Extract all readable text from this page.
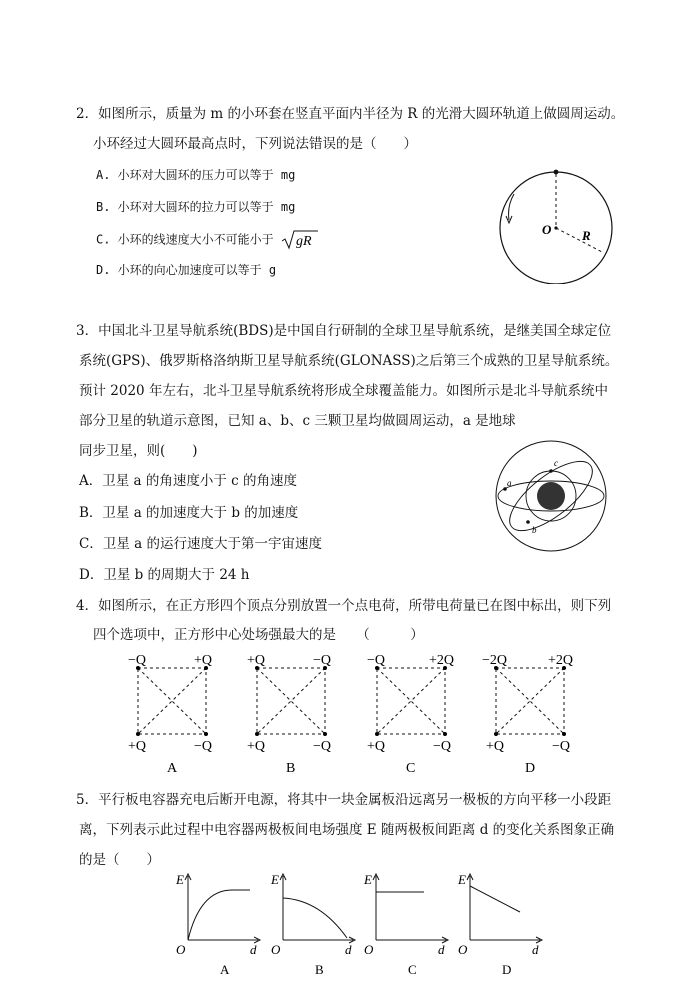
2．如图所示，质量为 m 的小环套在竖直平面内半径为 R 的光滑大圆环轨道上做圆周运动。
小环经过大圆环最高点时，下列说法错误的是（　　）
A. 小环对大圆环的压力可以等于 mg
B. 小环对大圆环的拉力可以等于 mg
C. 小环的线速度大小不可能小于 gR
D. 小环的向心加速度可以等于 g
O R
3．中国北斗卫星导航系统(BDS)是中国自行研制的全球卫星导航系统，是继美国全球定位
系统(GPS)、俄罗斯格洛纳斯卫星导航系统(GLONASS)之后第三个成熟的卫星导航系统。
预计 2020 年左右，北斗卫星导航系统将形成全球覆盖能力。如图所示是北斗导航系统中
部分卫星的轨道示意图，已知 a、b、c 三颗卫星均做圆周运动，a 是地球
同步卫星，则(　　)
A．卫星 a 的角速度小于 c 的角速度
B．卫星 a 的加速度大于 b 的加速度
C．卫星 a 的运行速度大于第一宇宙速度
D．卫星 b 的周期大于 24 h
a
b
c
4．如图所示，在正方形四个顶点分别放置一个点电荷，所带电荷量已在图中标出，则下列
四个选项中，正方形中心处场强最大的是　　（　　　）
−Q	+Q
+Q	−Q
A
+Q	−Q
+Q	−Q
B
−Q	+2Q
+Q	−Q
C
−2Q	+2Q
+Q	−Q
D
5．平行板电容器充电后断开电源，将其中一块金属板沿远离另一极板的方向平移一小段距
离，下列表示此过程中电容器两极板间电场强度 E 随两极板间距离 d 的变化关系图象正确
的是（　　）
E
O	d
A
E
O	d
B
E
O	d
C
E
O	d
D
